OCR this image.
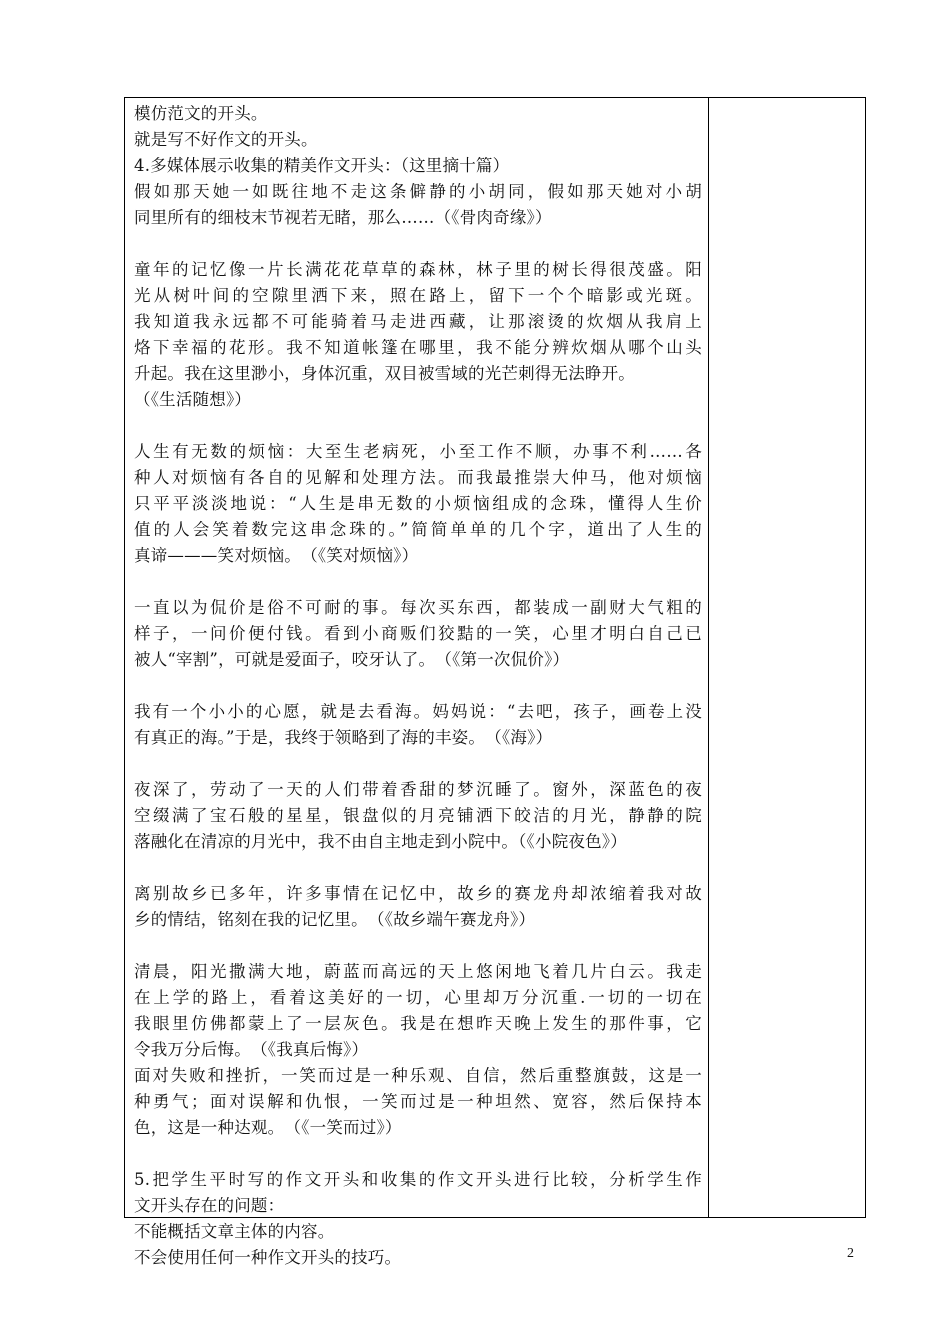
模仿范文的开头。
就是写不好作文的开头。
4.多媒体展示收集的精美作文开头：（这里摘十篇）
假如那天她一如既往地不走这条僻静的小胡同，假如那天她对小胡
同里所有的细枝末节视若无睹，那么……（《骨肉奇缘》）
童年的记忆像一片长满花花草草的森林，林子里的树长得很茂盛。阳
光从树叶间的空隙里洒下来，照在路上，留下一个个暗影或光斑。
我知道我永远都不可能骑着马走进西藏，让那滚烫的炊烟从我肩上
烙下幸福的花形。我不知道帐篷在哪里，我不能分辨炊烟从哪个山头
升起。我在这里渺小，身体沉重，双目被雪域的光芒刺得无法睁开。
（《生活随想》）
人生有无数的烦恼：大至生老病死，小至工作不顺，办事不利……各
种人对烦恼有各自的见解和处理方法。而我最推崇大仲马，他对烦恼
只平平淡淡地说：“人生是串无数的小烦恼组成的念珠，懂得人生价
值的人会笑着数完这串念珠的。”简简单单的几个字，道出了人生的
真谛———笑对烦恼。　（《笑对烦恼》）
一直以为侃价是俗不可耐的事。每次买东西，都装成一副财大气粗的
样子，一问价便付钱。看到小商贩们狡黠的一笑，心里才明白自己已
被人“宰割”，可就是爱面子，咬牙认了。　（《第一次侃价》）
我有一个小小的心愿，就是去看海。妈妈说：“去吧，孩子，画卷上没
有真正的海。”于是，我终于领略到了海的丰姿。　（《海》）
夜深了，劳动了一天的人们带着香甜的梦沉睡了。窗外，深蓝色的夜
空缀满了宝石般的星星，银盘似的月亮铺洒下皎洁的月光，静静的院
落融化在清凉的月光中，我不由自主地走到小院中。（《小院夜色》）
离别故乡已多年，许多事情在记忆中，故乡的赛龙舟却浓缩着我对故
乡的情结，铭刻在我的记忆里。　（《故乡端午赛龙舟》）
清晨，阳光撒满大地，蔚蓝而高远的天上悠闲地飞着几片白云。我走
在上学的路上，看着这美好的一切，心里却万分沉重.一切的一切在
我眼里仿佛都蒙上了一层灰色。我是在想昨天晚上发生的那件事，它
令我万分后悔。　（《我真后悔》）
面对失败和挫折，一笑而过是一种乐观、自信，然后重整旗鼓，这是一
种勇气；面对误解和仇恨，一笑而过是一种坦然、宽容，然后保持本
色，这是一种达观。　（《一笑而过》）
5.把学生平时写的作文开头和收集的作文开头进行比较，分析学生作
文开头存在的问题：
不能概括文章主体的内容。
不会使用任何一种作文开头的技巧。	2
